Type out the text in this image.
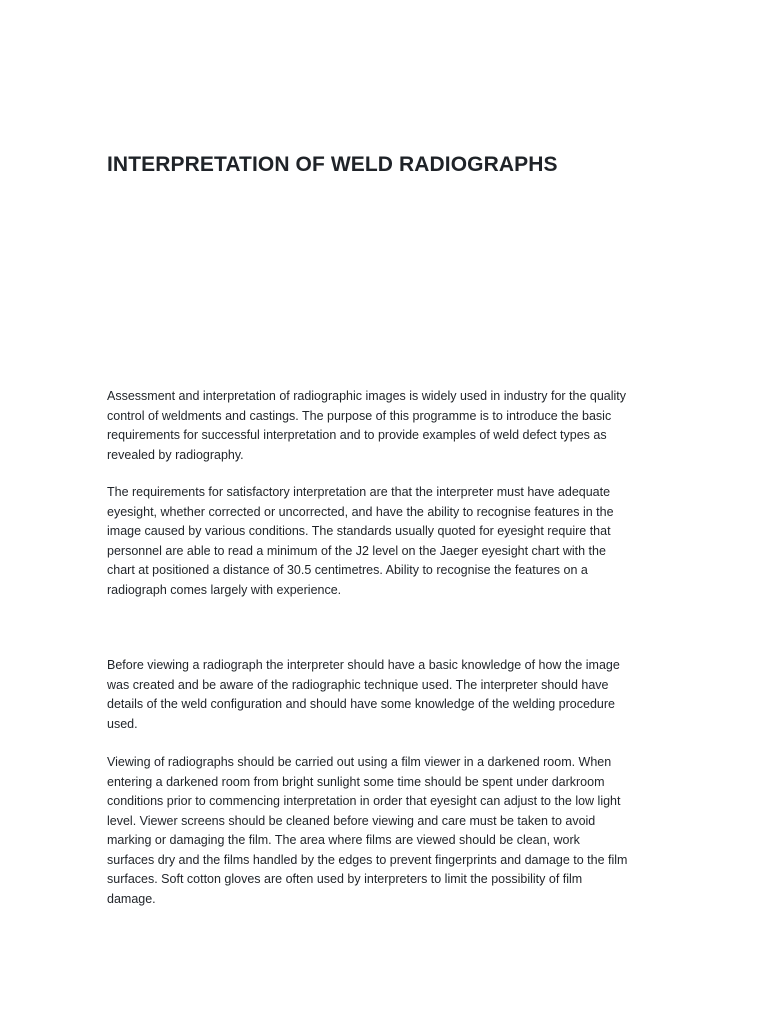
INTERPRETATION OF WELD RADIOGRAPHS

Assessment and interpretation of radiographic images is widely used in industry for the quality
control of weldments and castings. The purpose of this programme is to introduce the basic
requirements for successful interpretation and to provide examples of weld defect types as
revealed by radiography.

The requirements for satisfactory interpretation are that the interpreter must have adequate
eyesight, whether corrected or uncorrected, and have the ability to recognise features in the
image caused by various conditions. The standards usually quoted for eyesight require that
personnel are able to read a minimum of the J2 level on the Jaeger eyesight chart with the
chart at positioned a distance of 30.5 centimetres. Ability to recognise the features on a
radiograph comes largely with experience.

Before viewing a radiograph the interpreter should have a basic knowledge of how the image
was created and be aware of the radiographic technique used. The interpreter should have
details of the weld configuration and should have some knowledge of the welding procedure
used.

Viewing of radiographs should be carried out using a film viewer in a darkened room. When
entering a darkened room from bright sunlight some time should be spent under darkroom
conditions prior to commencing interpretation in order that eyesight can adjust to the low light
level. Viewer screens should be cleaned before viewing and care must be taken to avoid
marking or damaging the film. The area where films are viewed should be clean, work
surfaces dry and the films handled by the edges to prevent fingerprints and damage to the film
surfaces. Soft cotton gloves are often used by interpreters to limit the possibility of film
damage.
